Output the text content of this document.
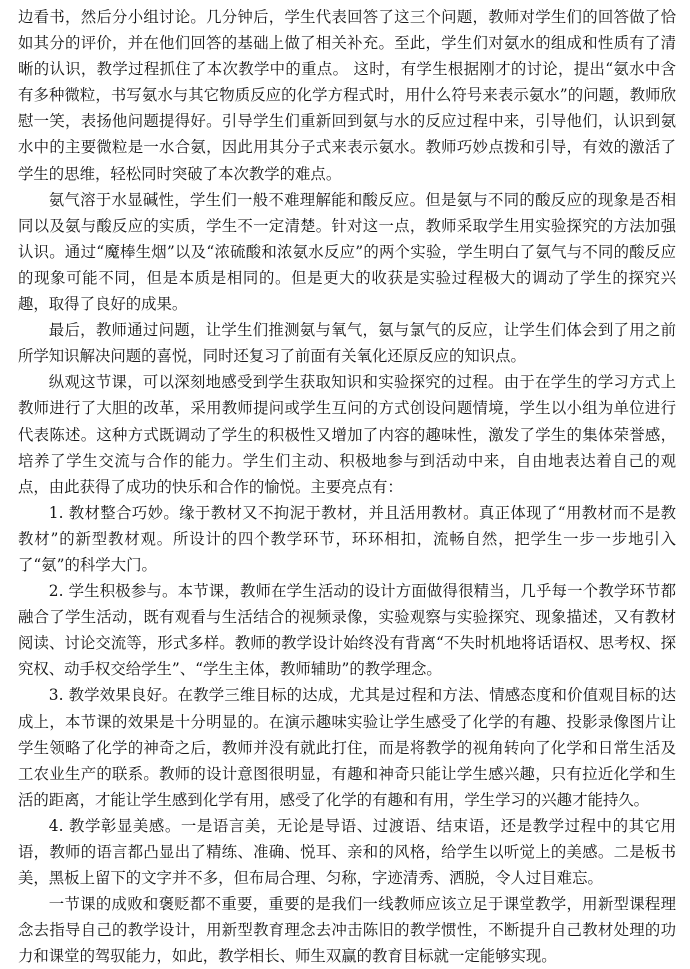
边看书，然后分小组讨论。几分钟后，学生代表回答了这三个问题，教师对学生们的回答做了恰如其分的评价，并在他们回答的基础上做了相关补充。至此，学生们对氨水的组成和性质有了清晰的认识，教学过程抓住了本次教学中的重点。 这时，有学生根据刚才的讨论，提出“氨水中含有多种微粒，书写氨水与其它物质反应的化学方程式时，用什么符号来表示氨水”的问题，教师欣慰一笑，表扬他问题提得好。引导学生们重新回到氨与水的反应过程中来，引导他们，认识到氨水中的主要微粒是一水合氨，因此用其分子式来表示氨水。教师巧妙点拨和引导，有效的激活了学生的思维，轻松同时突破了本次教学的难点。

氨气溶于水显碱性，学生们一般不难理解能和酸反应。但是氨与不同的酸反应的现象是否相同以及氨与酸反应的实质，学生不一定清楚。针对这一点，教师采取学生用实验探究的方法加强认识。通过“魔棒生烟”以及“浓硫酸和浓氨水反应”的两个实验，学生明白了氨气与不同的酸反应的现象可能不同，但是本质是相同的。但是更大的收获是实验过程极大的调动了学生的探究兴趣，取得了良好的成果。

最后，教师通过问题，让学生们推测氨与氧气，氨与氯气的反应，让学生们体会到了用之前所学知识解决问题的喜悦，同时还复习了前面有关氧化还原反应的知识点。

纵观这节课，可以深刻地感受到学生获取知识和实验探究的过程。由于在学生的学习方式上教师进行了大胆的改革，采用教师提问或学生互问的方式创设问题情境，学生以小组为单位进行代表陈述。这种方式既调动了学生的积极性又增加了内容的趣味性，激发了学生的集体荣誉感，培养了学生交流与合作的能力。学生们主动、积极地参与到活动中来，自由地表达着自己的观点，由此获得了成功的快乐和合作的愉悦。主要亮点有：

1. 教材整合巧妙。缘于教材又不拘泥于教材，并且活用教材。真正体现了“用教材而不是教教材”的新型教材观。所设计的四个教学环节，环环相扣，流畅自然，把学生一步一步地引入了“氨”的科学大门。

2. 学生积极参与。本节课，教师在学生活动的设计方面做得很精当，几乎每一个教学环节都融合了学生活动，既有观看与生活结合的视频录像，实验观察与实验探究、现象描述，又有教材阅读、讨论交流等，形式多样。教师的教学设计始终没有背离“不失时机地将话语权、思考权、探究权、动手权交给学生”、“学生主体，教师辅助”的教学理念。

3. 教学效果良好。在教学三维目标的达成，尤其是过程和方法、情感态度和价值观目标的达成上，本节课的效果是十分明显的。在演示趣味实验让学生感受了化学的有趣、投影录像图片让学生领略了化学的神奇之后，教师并没有就此打住，而是将教学的视角转向了化学和日常生活及工农业生产的联系。教师的设计意图很明显，有趣和神奇只能让学生感兴趣，只有拉近化学和生活的距离，才能让学生感到化学有用，感受了化学的有趣和有用，学生学习的兴趣才能持久。

4. 教学彰显美感。一是语言美，无论是导语、过渡语、结束语，还是教学过程中的其它用语，教师的语言都凸显出了精练、准确、悦耳、亲和的风格，给学生以听觉上的美感。二是板书美，黑板上留下的文字并不多，但布局合理、匀称，字迹清秀、洒脱，令人过目难忘。

一节课的成败和褒贬都不重要，重要的是我们一线教师应该立足于课堂教学，用新型课程理念去指导自己的教学设计，用新型教育理念去冲击陈旧的教学惯性，不断提升自己教材处理的功力和课堂的驾驭能力，如此，教学相长、师生双赢的教育目标就一定能够实现。
